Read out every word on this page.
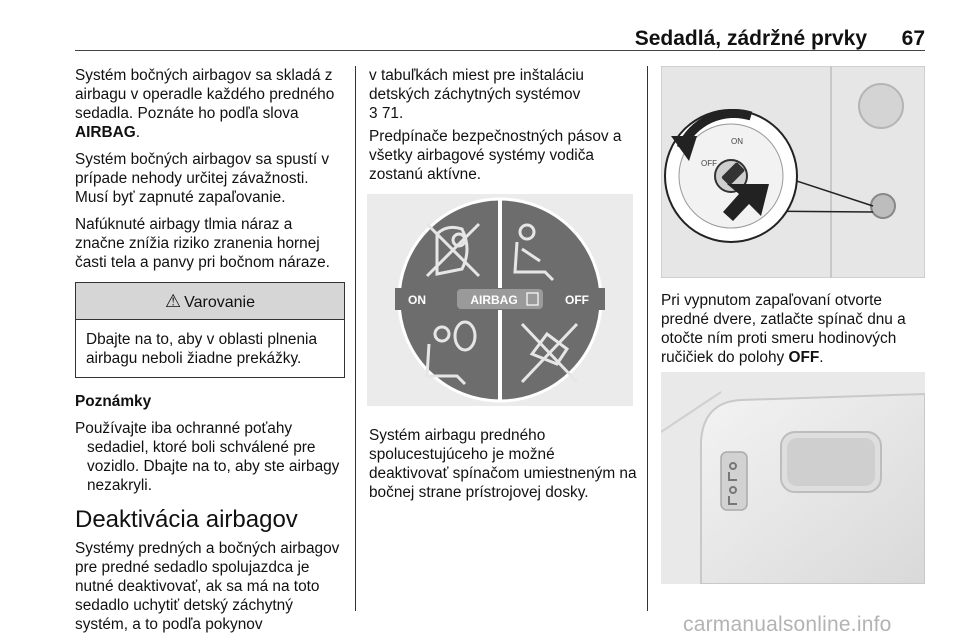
Sedadlá, zádržné prvky 67

Systém bočných airbagov sa skladá z airbagu v operadle každého predného sedadla. Poznáte ho podľa slova AIRBAG.

Systém bočných airbagov sa spustí v prípade nehody určitej závažnosti. Musí byť zapnuté zapaľovanie.

Nafúknuté airbagy tlmia náraz a značne znížia riziko zranenia hornej časti tela a panvy pri bočnom náraze.

⚠ Varovanie
Dbajte na to, aby v oblasti plnenia airbagu neboli žiadne prekážky.

Poznámky

Používajte iba ochranné poťahy sedadiel, ktoré boli schválené pre vozidlo. Dbajte na to, aby ste airbagy nezakryli.

Deaktivácia airbagov

Systémy predných a bočných airbagov pre predné sedadlo spolujazdca je nutné deaktivovať, ak sa má na toto sedadlo uchytiť detský záchytný systém, a to podľa pokynov

v tabuľkách miest pre inštaláciu detských záchytných systémov
3 71.

Predpínače bezpečnostných pásov a všetky airbagové systémy vodiča zostanú aktívne.

ON	AIRBAG	OFF

Systém airbagu predného spolucestujúceho je možné deaktivovať spínačom umiestneným na bočnej strane prístrojovej dosky.

ON
OFF
Pri vypnutom zapaľovaní otvorte predné dvere, zatlačte spínač dnu a otočte ním proti smeru hodinových ručičiek do polohy OFF.
carmanualsonline.info
